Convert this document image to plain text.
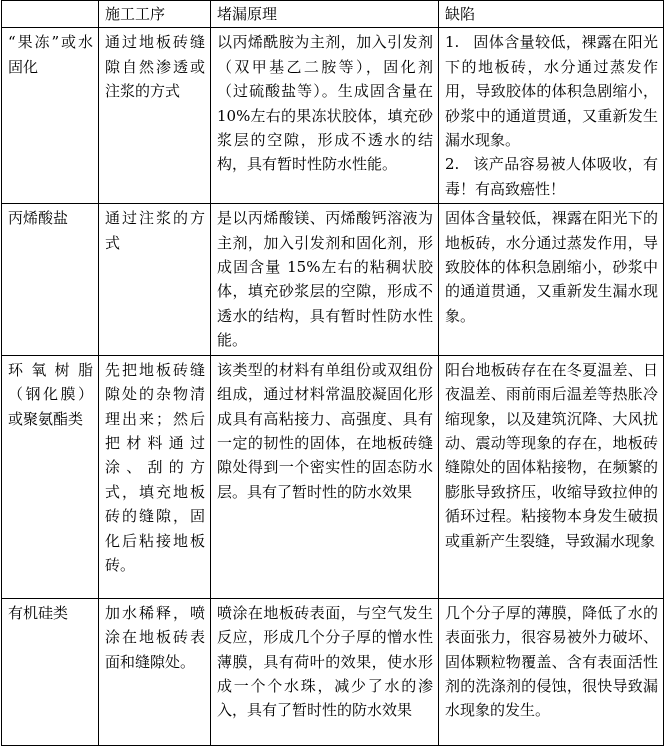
	施工工序	堵漏原理	缺陷
“果冻”或水固化	通过地板砖缝隙自然渗透或注浆的方式	以丙烯酰胺为主剂，加入引发剂（双甲基乙二胺等），固化剂（过硫酸盐等）。生成固含量在 10%左右的果冻状胶体，填充砂浆层的空隙，形成不透水的结构，具有暂时性防水性能。	1. 固体含量较低，裸露在阳光下的地板砖，水分通过蒸发作用，导致胶体的体积急剧缩小，砂浆中的通道贯通，又重新发生漏水现象。
2. 该产品容易被人体吸收，有毒！有高致癌性！

丙烯酸盐	通过注浆的方式	是以丙烯酸镁、丙烯酸钙溶液为主剂，加入引发剂和固化剂，形成固含量 15%左右的粘稠状胶体，填充砂浆层的空隙，形成不透水的结构，具有暂时性防水性能。	固体含量较低，裸露在阳光下的地板砖，水分通过蒸发作用，导致胶体的体积急剧缩小，砂浆中的通道贯通，又重新发生漏水现象。
环氧树脂（钢化膜）或聚氨酯类	先把地板砖缝隙处的杂物清理出来；然后把材料通过涂、刮的方式，填充地板砖的缝隙，固化后粘接地板砖。	该类型的材料有单组份或双组份组成，通过材料常温胶凝固化形成具有高粘接力、高强度、具有一定的韧性的固体，在地板砖缝隙处得到一个密实性的固态防水层。具有了暂时性的防水效果	阳台地板砖存在在冬夏温差、日夜温差、雨前雨后温差等热胀冷缩现象，以及建筑沉降、大风扰动、震动等现象的存在，地板砖缝隙处的固体粘接物，在频繁的膨胀导致挤压，收缩导致拉伸的循环过程。粘接物本身发生破损或重新产生裂缝，导致漏水现象
有机硅类	加水稀释，喷涂在地板砖表面和缝隙处。	喷涂在地板砖表面，与空气发生反应，形成几个分子厚的憎水性薄膜，具有荷叶的效果，使水形成一个个水珠，减少了水的渗入，具有了暂时性的防水效果	几个分子厚的薄膜，降低了水的表面张力，很容易被外力破坏、固体颗粒物覆盖、含有表面活性剂的洗涤剂的侵蚀，很快导致漏水现象的发生。
